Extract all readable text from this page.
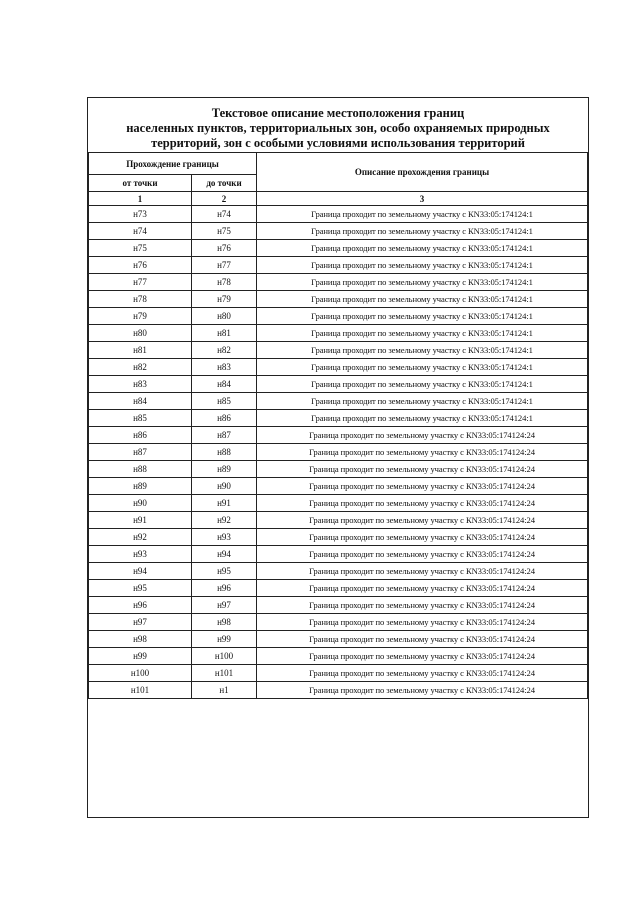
Текстовое описание местоположения границ
населенных пунктов, территориальных зон, особо охраняемых природных
территорий, зон с особыми условиями использования территорий
Прохождение границы		Описание прохождения границы
от точки	до точки	
1	2	3
н73	н74	Граница проходит по земельному участку с КN33:05:174124:1
н74	н75	Граница проходит по земельному участку с КN33:05:174124:1
н75	н76	Граница проходит по земельному участку с КN33:05:174124:1
н76	н77	Граница проходит по земельному участку с КN33:05:174124:1
н77	н78	Граница проходит по земельному участку с КN33:05:174124:1
н78	н79	Граница проходит по земельному участку с КN33:05:174124:1
н79	н80	Граница проходит по земельному участку с КN33:05:174124:1
н80	н81	Граница проходит по земельному участку с КN33:05:174124:1
н81	н82	Граница проходит по земельному участку с КN33:05:174124:1
н82	н83	Граница проходит по земельному участку с КN33:05:174124:1
н83	н84	Граница проходит по земельному участку с КN33:05:174124:1
н84	н85	Граница проходит по земельному участку с КN33:05:174124:1
н85	н86	Граница проходит по земельному участку с КN33:05:174124:1
н86	н87	Граница проходит по земельному участку с КN33:05:174124:24
н87	н88	Граница проходит по земельному участку с КN33:05:174124:24
н88	н89	Граница проходит по земельному участку с КN33:05:174124:24
н89	н90	Граница проходит по земельному участку с КN33:05:174124:24
н90	н91	Граница проходит по земельному участку с КN33:05:174124:24
н91	н92	Граница проходит по земельному участку с КN33:05:174124:24
н92	н93	Граница проходит по земельному участку с КN33:05:174124:24
н93	н94	Граница проходит по земельному участку с КN33:05:174124:24
н94	н95	Граница проходит по земельному участку с КN33:05:174124:24
н95	н96	Граница проходит по земельному участку с КN33:05:174124:24
н96	н97	Граница проходит по земельному участку с КN33:05:174124:24
н97	н98	Граница проходит по земельному участку с КN33:05:174124:24
н98	н99	Граница проходит по земельному участку с КN33:05:174124:24
н99	н100	Граница проходит по земельному участку с КN33:05:174124:24
н100	н101	Граница проходит по земельному участку с КN33:05:174124:24
н101	н1	Граница проходит по земельному участку с КN33:05:174124:24
